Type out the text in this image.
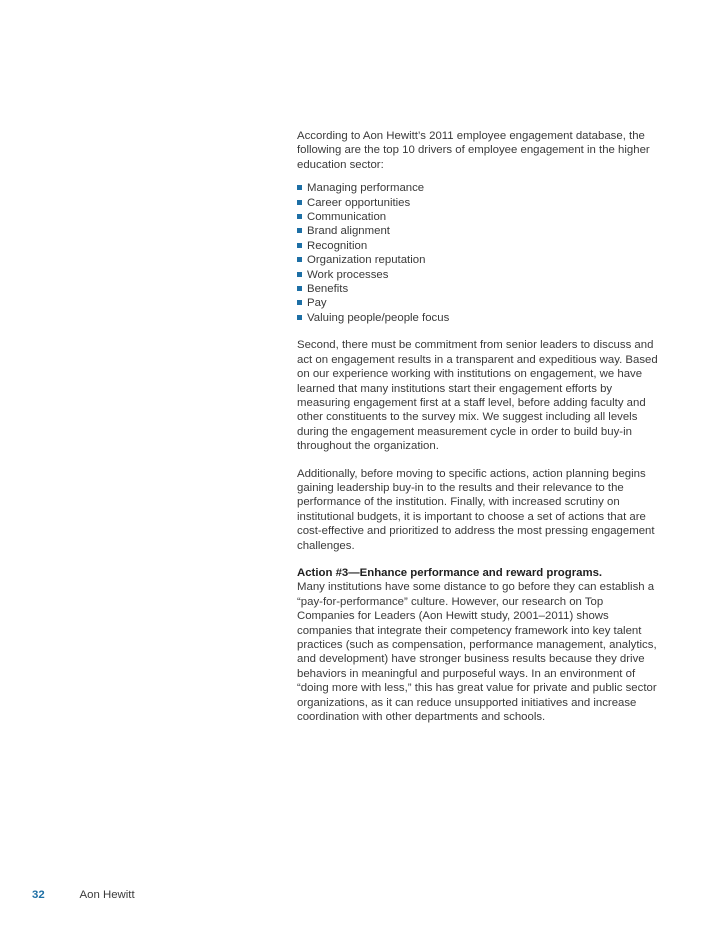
According to Aon Hewitt’s 2011 employee engagement database, the following are the top 10 drivers of employee engagement in the higher education sector:

Managing performance
Career opportunities
Communication
Brand alignment
Recognition
Organization reputation
Work processes
Benefits
Pay
Valuing people/people focus

Second, there must be commitment from senior leaders to discuss and act on engagement results in a transparent and expeditious way. Based on our experience working with institutions on engagement, we have learned that many institutions start their engagement efforts by measuring engagement first at a staff level, before adding faculty and other constituents to the survey mix. We suggest including all levels during the engagement measurement cycle in order to build buy-in throughout the organization.

Additionally, before moving to specific actions, action planning begins gaining leadership buy-in to the results and their relevance to the performance of the institution. Finally, with increased scrutiny on institutional budgets, it is important to choose a set of actions that are cost-effective and prioritized to address the most pressing engagement challenges.

Action #3—Enhance performance and reward programs.

Many institutions have some distance to go before they can establish a “pay-for-performance” culture. However, our research on Top Companies for Leaders (Aon Hewitt study, 2001–2011) shows companies that integrate their competency framework into key talent practices (such as compensation, performance management, analytics, and development) have stronger business results because they drive behaviors in meaningful and purposeful ways. In an environment of “doing more with less,” this has great value for private and public sector organizations, as it can reduce unsupported initiatives and increase coordination with other departments and schools.

32	Aon Hewitt
